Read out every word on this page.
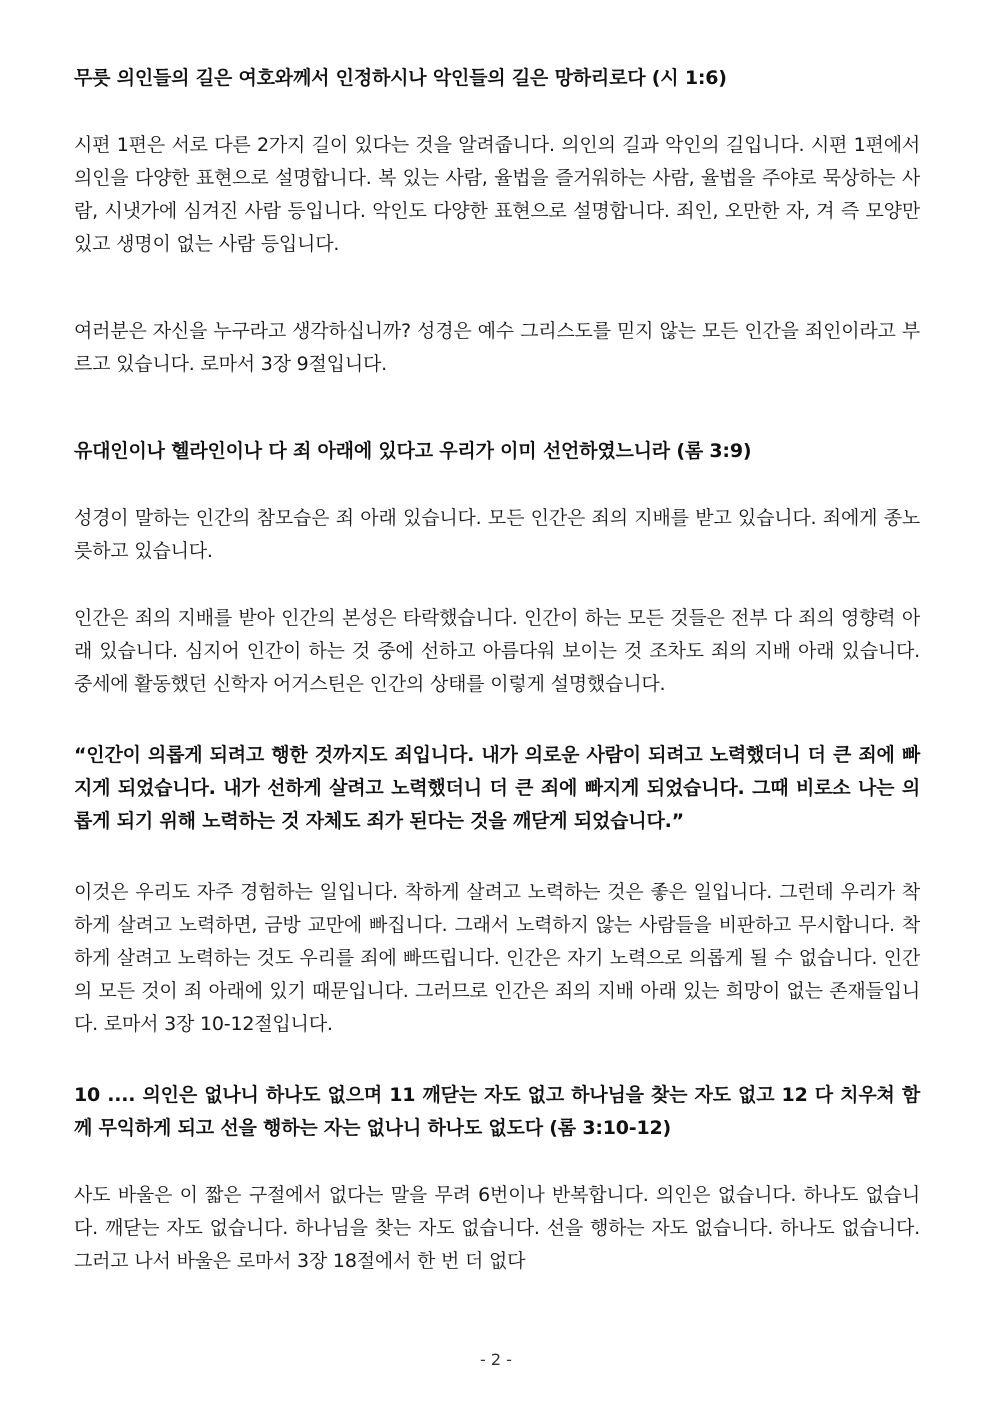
무릇 의인들의 길은 여호와께서 인정하시나 악인들의 길은 망하리로다 (시 1:6)

시편 1편은 서로 다른 2가지 길이 있다는 것을 알려줍니다. 의인의 길과 악인의 길입니다. 시편 1편에서 의인을 다양한 표현으로 설명합니다. 복 있는 사람, 율법을 즐거워하는 사람, 율법을 주야로 묵상하는 사람, 시냇가에 심겨진 사람 등입니다. 악인도 다양한 표현으로 설명합니다. 죄인, 오만한 자, 겨 즉 모양만 있고 생명이 없는 사람 등입니다.

여러분은 자신을 누구라고 생각하십니까? 성경은 예수 그리스도를 믿지 않는 모든 인간을 죄인이라고 부르고 있습니다. 로마서 3장 9절입니다.

유대인이나 헬라인이나 다 죄 아래에 있다고 우리가 이미 선언하였느니라 (롬 3:9)

성경이 말하는 인간의 참모습은 죄 아래 있습니다. 모든 인간은 죄의 지배를 받고 있습니다. 죄에게 종노릇하고 있습니다.

인간은 죄의 지배를 받아 인간의 본성은 타락했습니다. 인간이 하는 모든 것들은 전부 다 죄의 영향력 아래 있습니다. 심지어 인간이 하는 것 중에 선하고 아름다워 보이는 것 조차도 죄의 지배 아래 있습니다. 중세에 활동했던 신학자 어거스틴은 인간의 상태를 이렇게 설명했습니다.

“인간이 의롭게 되려고 행한 것까지도 죄입니다. 내가 의로운 사람이 되려고 노력했더니 더 큰 죄에 빠지게 되었습니다. 내가 선하게 살려고 노력했더니 더 큰 죄에 빠지게 되었습니다. 그때 비로소 나는 의롭게 되기 위해 노력하는 것 자체도 죄가 된다는 것을 깨닫게 되었습니다.”

이것은 우리도 자주 경험하는 일입니다. 착하게 살려고 노력하는 것은 좋은 일입니다. 그런데 우리가 착하게 살려고 노력하면, 금방 교만에 빠집니다. 그래서 노력하지 않는 사람들을 비판하고 무시합니다. 착하게 살려고 노력하는 것도 우리를 죄에 빠뜨립니다. 인간은 자기 노력으로 의롭게 될 수 없습니다. 인간의 모든 것이 죄 아래에 있기 때문입니다. 그러므로 인간은 죄의 지배 아래 있는 희망이 없는 존재들입니다. 로마서 3장 10-12절입니다.

10 .... 의인은 없나니 하나도 없으며 11 깨닫는 자도 없고 하나님을 찾는 자도 없고 12 다 치우쳐 함께 무익하게 되고 선을 행하는 자는 없나니 하나도 없도다 (롬 3:10-12)

사도 바울은 이 짧은 구절에서 없다는 말을 무려 6번이나 반복합니다. 의인은 없습니다. 하나도 없습니다. 깨닫는 자도 없습니다. 하나님을 찾는 자도 없습니다. 선을 행하는 자도 없습니다. 하나도 없습니다. 그러고 나서 바울은 로마서 3장 18절에서 한 번 더 없다

- 2 -
